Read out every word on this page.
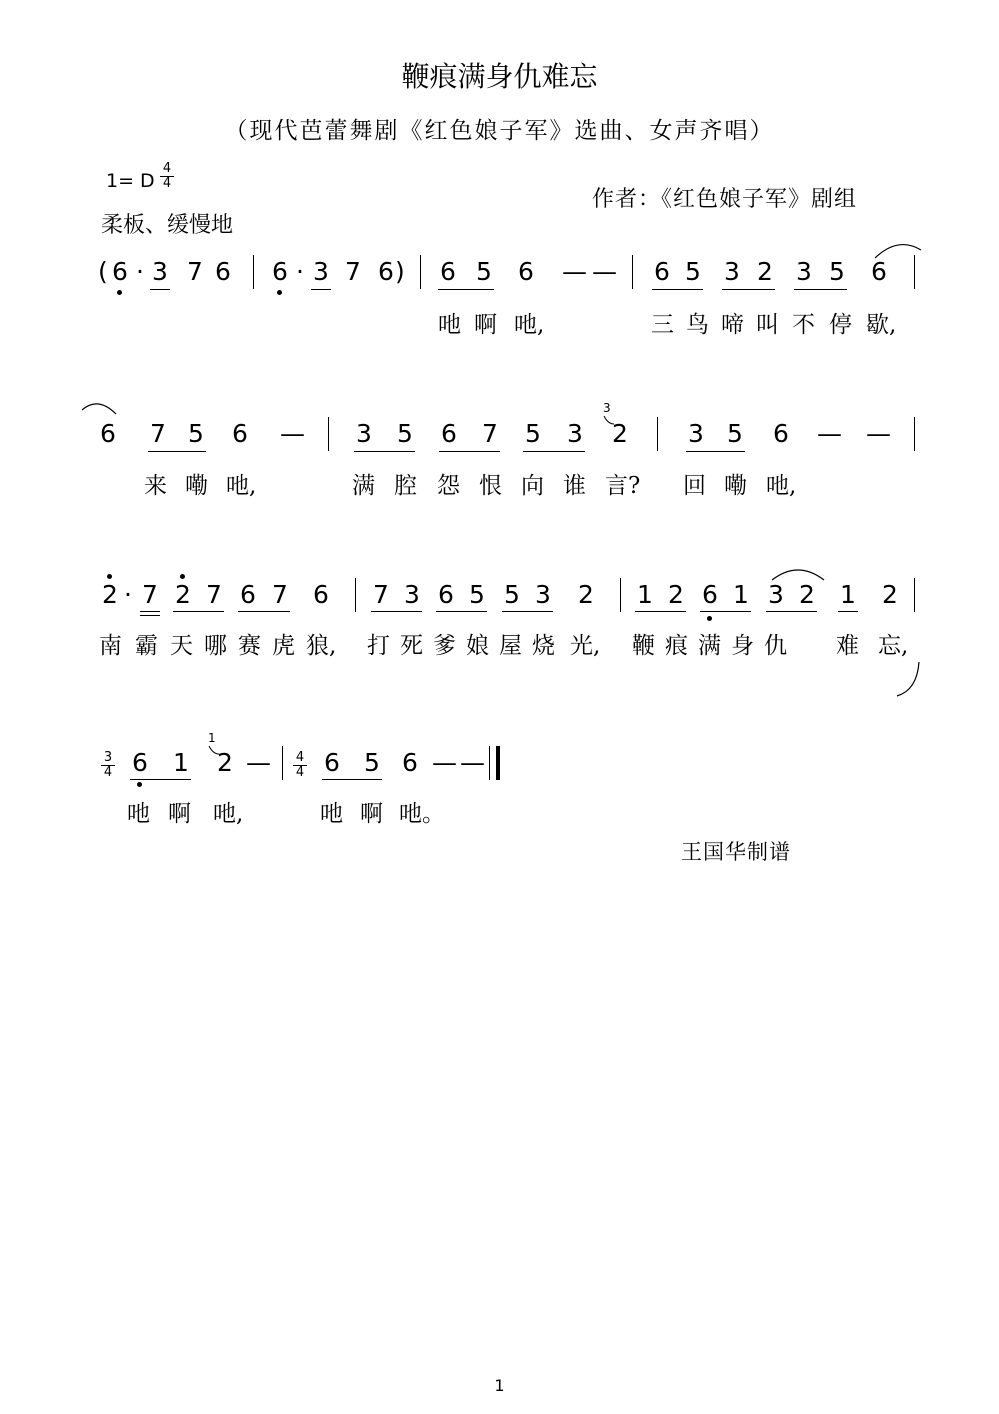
鞭痕满身仇难忘
（现代芭蕾舞剧《红色娘子军》选曲、女声齐唱）
1= D
4
4
作者：《红色娘子军》剧组
柔板、缓慢地
( 6 · 3 7 6 6 · 3 7 6 ) 6 5 6 — — 6 5 3 2 3 5 6
吔 啊 吔,	三 鸟 啼 叫 不 停 歇,
6 7 5 6 — 3 5 6 7 5 3
3
2 3 5 6 — —
来 嘞 吔,	满 腔 怨 恨 向 谁 言? 回 嘞 吔,
2 · 7 2 7 6 7 6 7 3 6 5 5 3 2 1 2 6 1 3 2 1 2
南 霸 天 哪 赛 虎 狼, 打 死 爹 娘 屋 烧 光, 鞭 痕 满 身 仇 难 忘,
3
4 6 1
1
2 — 4
4 6 5 6 — —
吔 啊 吔,	吔 啊 吔。
王国华制谱
1
